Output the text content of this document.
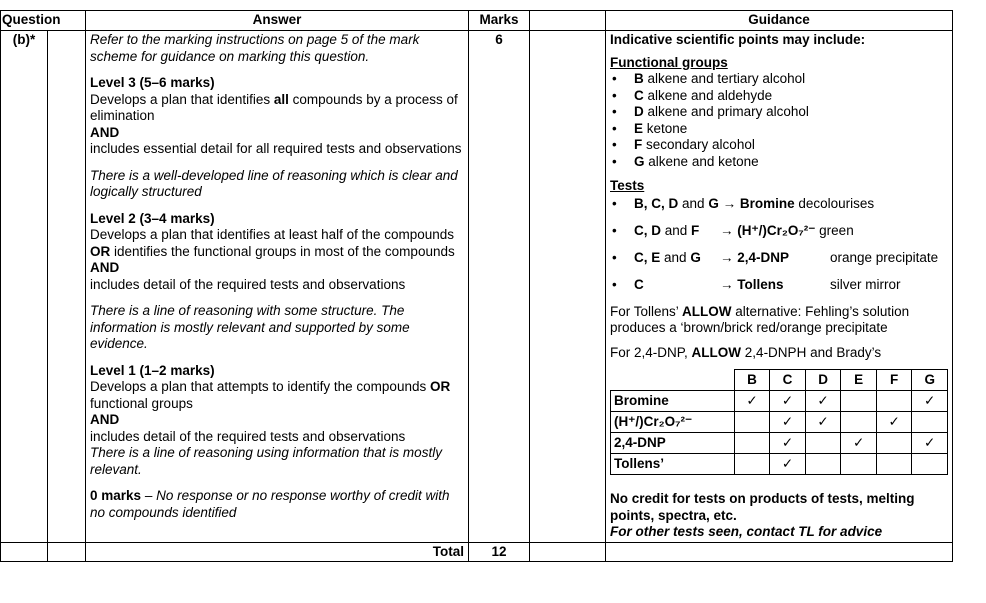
Question	Answer	Marks		Guidance
(b)*		Refer to the marking instructions on page 5 of the mark scheme for guidance on marking this question.
Level 3 (5–6 marks)
Develops a plan that identifies all compounds by a process of elimination
AND
includes essential detail for all required tests and observations
There is a well-developed line of reasoning which is clear and logically structured
Level 2 (3–4 marks)
Develops a plan that identifies at least half of the compounds OR identifies the functional groups in most of the compounds
AND
includes detail of the required tests and observations
There is a line of reasoning with some structure. The information is mostly relevant and supported by some evidence.
Level 1 (1–2 marks)
Develops a plan that attempts to identify the compounds OR functional groups
AND
includes detail of the required tests and observations
There is a line of reasoning using information that is mostly relevant.
0 marks – No response or no response worthy of credit with no compounds identified
	6		Indicative scientific points may include:
Functional groups
• B alkene and tertiary alcohol
• C alkene and aldehyde
• D alkene and primary alcohol
• E ketone
• F secondary alcohol
• G alkene and ketone
Tests
• B, C, D and G → Bromine decolourises
• C, D and F → (H⁺/)Cr₂O₇²⁻ green
• C, E and G → 2,4-DNP	orange precipitate
• C	→ Tollens	silver mirror
For Tollens’ ALLOW alternative: Fehling’s solution produces a ‘brown/brick red/orange precipitate
For 2,4-DNP, ALLOW 2,4-DNPH and Brady’s
	B	C	D	E	F	G
Bromine	✓	✓	✓			✓
(H⁺/)Cr₂O₇²⁻		✓	✓		✓	
2,4-DNP		✓		✓		✓
Tollens’		✓				
No credit for tests on products of tests, melting points, spectra, etc.
For other tests seen, contact TL for advice

		Total	12		
